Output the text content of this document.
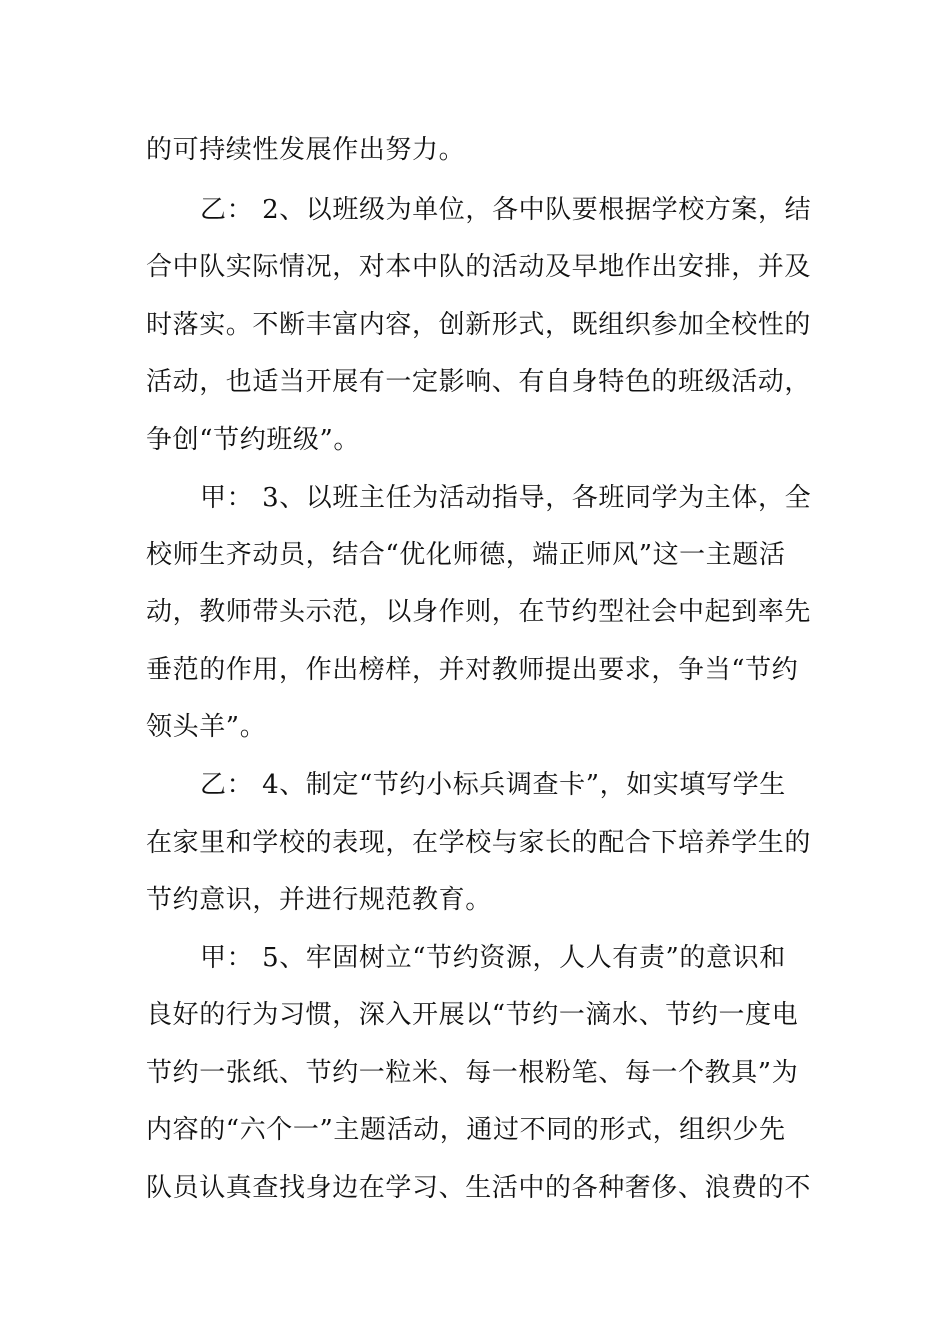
的可持续性发展作出努力。
乙： 2、以班级为单位，各中队要根据学校方案，结
合中队实际情况，对本中队的活动及早地作出安排，并及
时落实。不断丰富内容，创新形式，既组织参加全校性的
活动，也适当开展有一定影响、有自身特色的班级活动，
争创“节约班级”。
甲： 3、以班主任为活动指导，各班同学为主体，全
校师生齐动员，结合“优化师德，端正师风”这一主题活
动，教师带头示范，以身作则，在节约型社会中起到率先
垂范的作用，作出榜样，并对教师提出要求，争当“节约
领头羊”。
乙： 4、制定“节约小标兵调查卡”，如实填写学生
在家里和学校的表现，在学校与家长的配合下培养学生的
节约意识，并进行规范教育。
甲： 5、牢固树立“节约资源，人人有责”的意识和
良好的行为习惯，深入开展以“节约一滴水、节约一度电
节约一张纸、节约一粒米、每一根粉笔、每一个教具”为
内容的“六个一”主题活动，通过不同的形式，组织少先
队员认真查找身边在学习、生活中的各种奢侈、浪费的不
